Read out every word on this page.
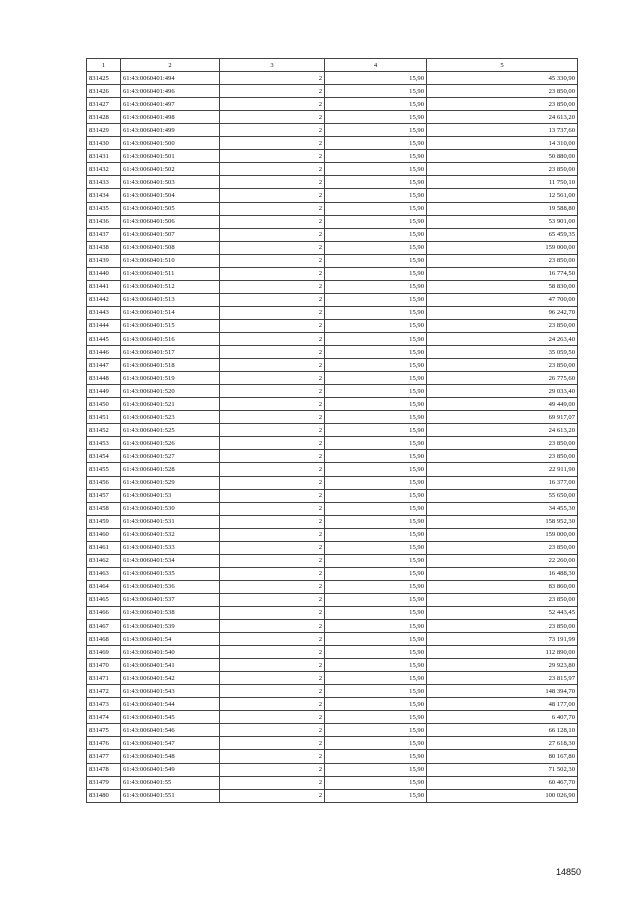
1	2	3	4	5
831425	61:43:0060401:494	2	15,90	45 330,90
831426	61:43:0060401:496	2	15,90	23 850,00
831427	61:43:0060401:497	2	15,90	23 850,00
831428	61:43:0060401:498	2	15,90	24 613,20
831429	61:43:0060401:499	2	15,90	13 737,60
831430	61:43:0060401:500	2	15,90	14 310,00
831431	61:43:0060401:501	2	15,90	50 880,00
831432	61:43:0060401:502	2	15,90	23 850,00
831433	61:43:0060401:503	2	15,90	11 750,10
831434	61:43:0060401:504	2	15,90	12 561,00
831435	61:43:0060401:505	2	15,90	19 588,80
831436	61:43:0060401:506	2	15,90	53 901,00
831437	61:43:0060401:507	2	15,90	65 459,35
831438	61:43:0060401:508	2	15,90	159 000,00
831439	61:43:0060401:510	2	15,90	23 850,00
831440	61:43:0060401:511	2	15,90	16 774,50
831441	61:43:0060401:512	2	15,90	58 830,00
831442	61:43:0060401:513	2	15,90	47 700,00
831443	61:43:0060401:514	2	15,90	96 242,70
831444	61:43:0060401:515	2	15,90	23 850,00
831445	61:43:0060401:516	2	15,90	24 263,40
831446	61:43:0060401:517	2	15,90	35 059,50
831447	61:43:0060401:518	2	15,90	23 850,00
831448	61:43:0060401:519	2	15,90	26 775,60
831449	61:43:0060401:520	2	15,90	29 033,40
831450	61:43:0060401:521	2	15,90	49 449,00
831451	61:43:0060401:523	2	15,90	69 917,07
831452	61:43:0060401:525	2	15,90	24 613,20
831453	61:43:0060401:526	2	15,90	23 850,00
831454	61:43:0060401:527	2	15,90	23 850,00
831455	61:43:0060401:528	2	15,90	22 911,90
831456	61:43:0060401:529	2	15,90	16 377,00
831457	61:43:0060401:53	2	15,90	55 650,00
831458	61:43:0060401:530	2	15,90	34 455,30
831459	61:43:0060401:531	2	15,90	158 952,30
831460	61:43:0060401:532	2	15,90	159 000,00
831461	61:43:0060401:533	2	15,90	23 850,00
831462	61:43:0060401:534	2	15,90	22 260,00
831463	61:43:0060401:535	2	15,90	16 488,30
831464	61:43:0060401:536	2	15,90	83 860,00
831465	61:43:0060401:537	2	15,90	23 850,00
831466	61:43:0060401:538	2	15,90	52 443,45
831467	61:43:0060401:539	2	15,90	23 850,00
831468	61:43:0060401:54	2	15,90	73 191,99
831469	61:43:0060401:540	2	15,90	112 890,00
831470	61:43:0060401:541	2	15,90	29 923,80
831471	61:43:0060401:542	2	15,90	23 815,97
831472	61:43:0060401:543	2	15,90	148 394,70
831473	61:43:0060401:544	2	15,90	48 177,00
831474	61:43:0060401:545	2	15,90	6 407,70
831475	61:43:0060401:546	2	15,90	66 128,10
831476	61:43:0060401:547	2	15,90	27 618,30
831477	61:43:0060401:548	2	15,90	80 167,80
831478	61:43:0060401:549	2	15,90	71 502,30
831479	61:43:0060401:55	2	15,90	60 467,70
831480	61:43:0060401:551	2	15,90	100 026,90
14850
